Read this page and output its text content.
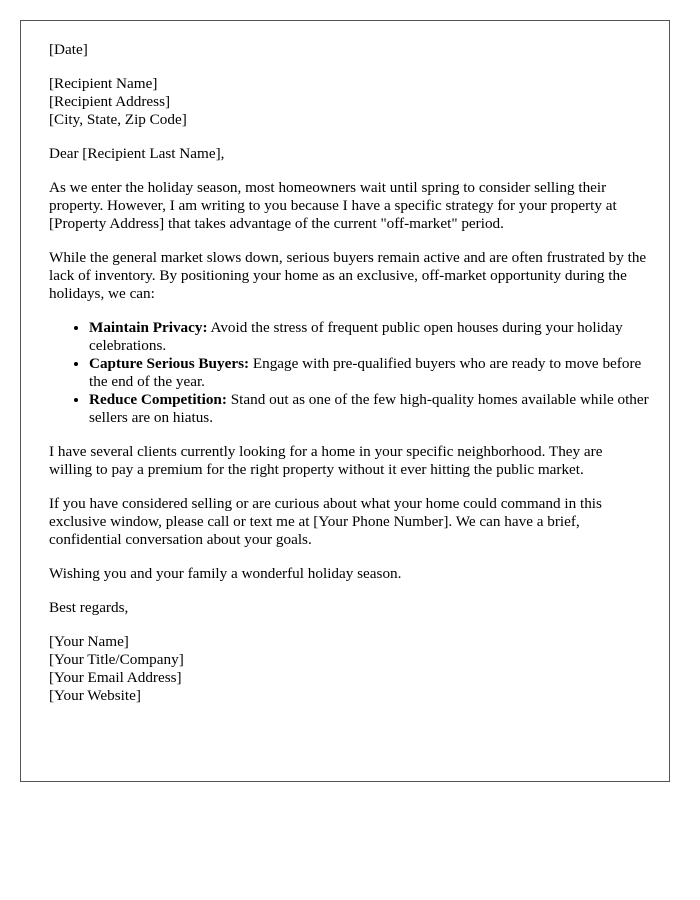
[Date]

[Recipient Name]
[Recipient Address]
[City, State, Zip Code]

Dear [Recipient Last Name],

As we enter the holiday season, most homeowners wait until spring to consider selling their property. However, I am writing to you because I have a specific strategy for your property at [Property Address] that takes advantage of the current "off-market" period.

While the general market slows down, serious buyers remain active and are often frustrated by the lack of inventory. By positioning your home as an exclusive, off-market opportunity during the holidays, we can:

• Maintain Privacy: Avoid the stress of frequent public open houses during your holiday celebrations.
• Capture Serious Buyers: Engage with pre-qualified buyers who are ready to move before the end of the year.
• Reduce Competition: Stand out as one of the few high-quality homes available while other sellers are on hiatus.

I have several clients currently looking for a home in your specific neighborhood. They are willing to pay a premium for the right property without it ever hitting the public market.

If you have considered selling or are curious about what your home could command in this exclusive window, please call or text me at [Your Phone Number]. We can have a brief, confidential conversation about your goals.

Wishing you and your family a wonderful holiday season.

Best regards,

[Your Name]
[Your Title/Company]
[Your Email Address]
[Your Website]
